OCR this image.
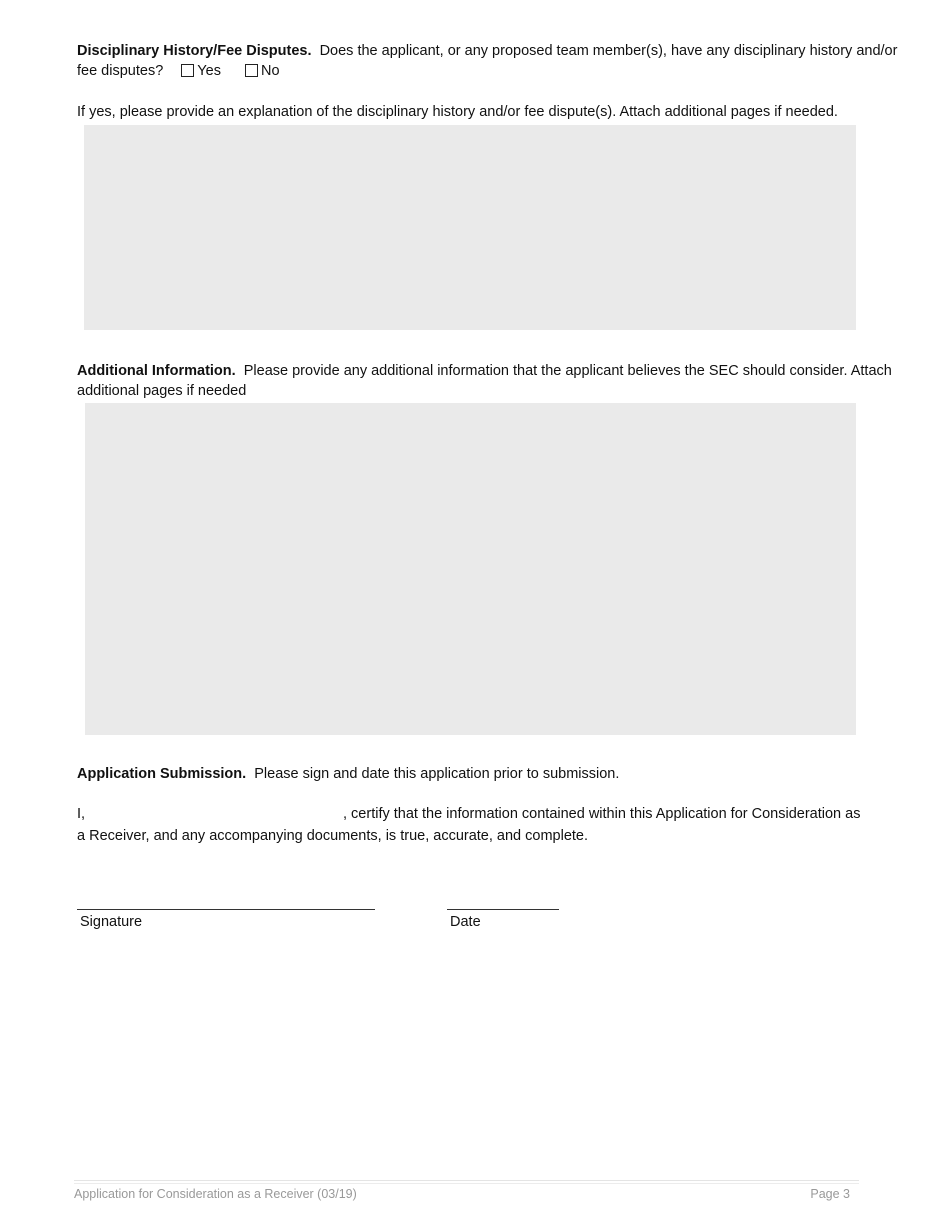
Disciplinary History/Fee Disputes. Does the applicant, or any proposed team member(s), have any disciplinary history and/or
fee disputes? Yes	No
If yes, please provide an explanation of the disciplinary history and/or fee dispute(s). Attach additional pages if needed.
Additional Information. Please provide any additional information that the applicant believes the SEC should consider. Attach
additional pages if needed
Application Submission. Please sign and date this application prior to submission.
I,	, certify that the information contained within this Application for Consideration as
a Receiver, and any accompanying documents, is true, accurate, and complete.
Signature	Date
Application for Consideration as a Receiver (03/19)	Page 3
